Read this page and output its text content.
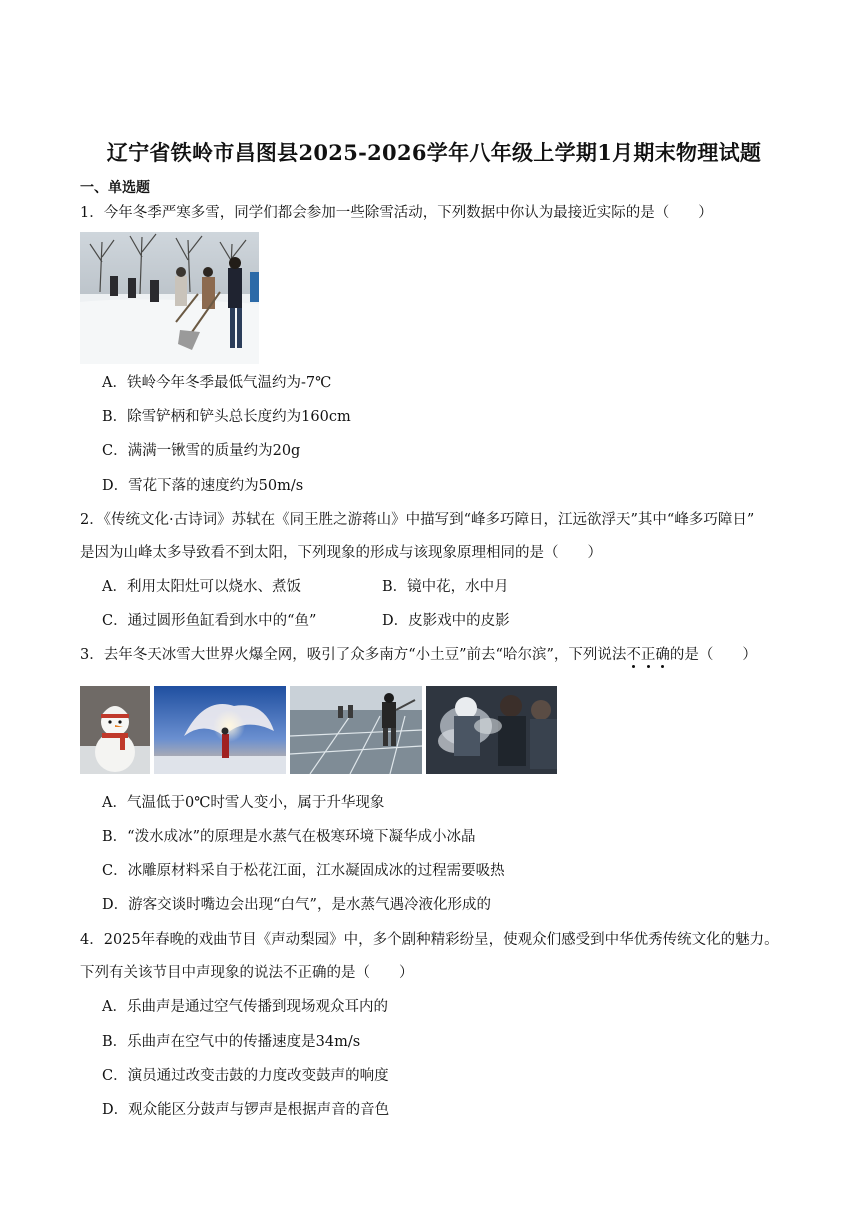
辽宁省铁岭市昌图县2025-2026学年八年级上学期1月期末物理试题
一、单选题
1．今年冬季严寒多雪，同学们都会参加一些除雪活动，下列数据中你认为最接近实际的是（　　）
A．铁岭今年冬季最低气温约为-7℃
B．除雪铲柄和铲头总长度约为160cm
C．满满一锹雪的质量约为20g
D．雪花下落的速度约为50m/s
2．《传统文化·古诗词》苏轼在《同王胜之游蒋山》中描写到“峰多巧障日，江远欲浮天”其中“峰多巧障日”
是因为山峰太多导致看不到太阳，下列现象的形成与该现象原理相同的是（　　）
A．利用太阳灶可以烧水、煮饭	B．镜中花，水中月
C．通过圆形鱼缸看到水中的“鱼”	D．皮影戏中的皮影
3．去年冬天冰雪大世界火爆全网，吸引了众多南方“小土豆”前去“哈尔滨”，下列说法不正确的是（　　）
A．气温低于0℃时雪人变小，属于升华现象
B．“泼水成冰”的原理是水蒸气在极寒环境下凝华成小冰晶
C．冰雕原材料采自于松花江面，江水凝固成冰的过程需要吸热
D．游客交谈时嘴边会出现“白气”，是水蒸气遇冷液化形成的
4．2025年春晚的戏曲节目《声动梨园》中，多个剧种精彩纷呈，使观众们感受到中华优秀传统文化的魅力。
下列有关该节目中声现象的说法不正确的是（　　）
A．乐曲声是通过空气传播到现场观众耳内的
B．乐曲声在空气中的传播速度是34m/s
C．演员通过改变击鼓的力度改变鼓声的响度
D．观众能区分鼓声与锣声是根据声音的音色
